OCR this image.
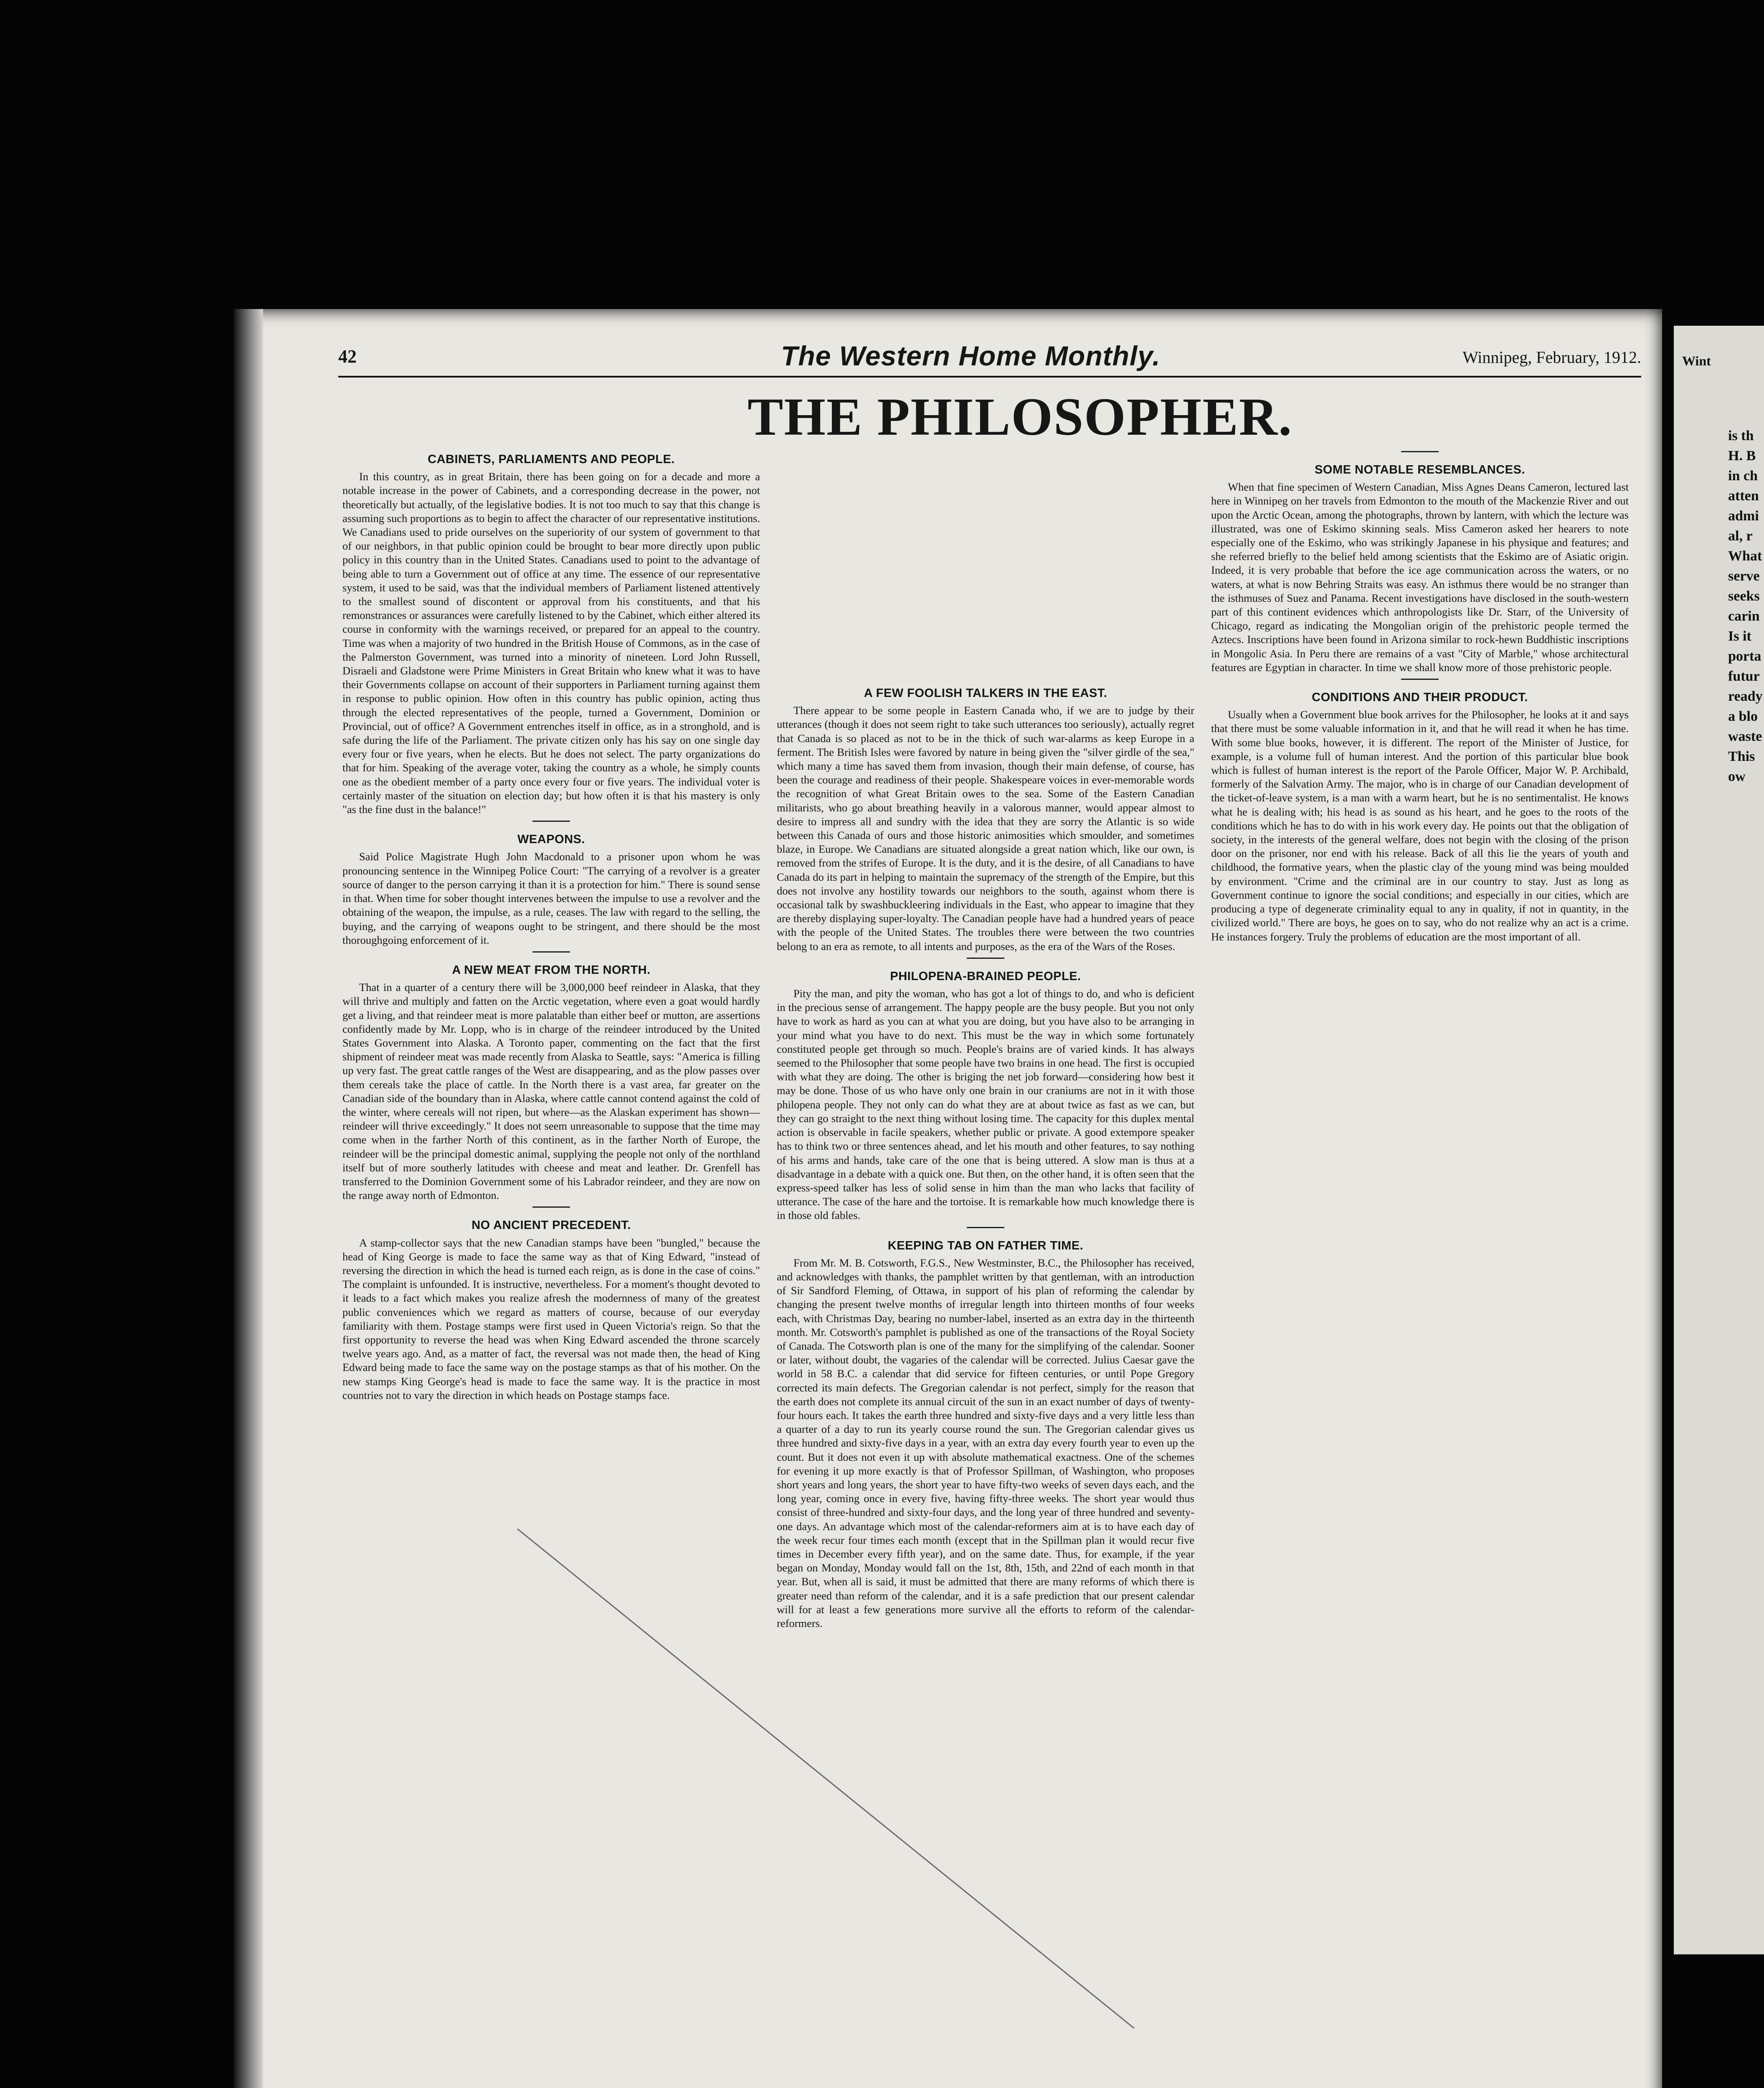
Wint
is th
H. B
in ch
atten
admi
al, r
What
serve
seeks
carin
Is it
porta
futur
ready
a blo
waste
This
ow
42	The Western Home Monthly.	Winnipeg, February, 1912.
THE PHILOSOPHER.
CABINETS, PARLIAMENTS AND PEOPLE.

In this country, as in great Britain, there has been going on for a decade and more a notable increase in the power of Cabinets, and a corresponding decrease in the power, not theoretically but actually, of the legislative bodies. It is not too much to say that this change is assuming such proportions as to begin to affect the character of our representative institutions. We Canadians used to pride ourselves on the superiority of our system of government to that of our neighbors, in that public opinion could be brought to bear more directly upon public policy in this country than in the United States. Canadians used to point to the advantage of being able to turn a Government out of office at any time. The essence of our representative system, it used to be said, was that the individual members of Parliament listened attentively to the smallest sound of discontent or approval from his constituents, and that his remonstrances or assurances were carefully listened to by the Cabinet, which either altered its course in conformity with the warnings received, or prepared for an appeal to the country. Time was when a majority of two hundred in the British House of Commons, as in the case of the Palmerston Government, was turned into a minority of nineteen. Lord John Russell, Disraeli and Gladstone were Prime Ministers in Great Britain who knew what it was to have their Governments collapse on account of their supporters in Parliament turning against them in response to public opinion. How often in this country has public opinion, acting thus through the elected representatives of the people, turned a Government, Dominion or Provincial, out of office? A Government entrenches itself in office, as in a stronghold, and is safe during the life of the Parliament. The private citizen only has his say on one single day every four or five years, when he elects. But he does not select. The party organizations do that for him. Speaking of the average voter, taking the country as a whole, he simply counts one as the obedient member of a party once every four or five years. The individual voter is certainly master of the situation on election day; but how often it is that his mastery is only "as the fine dust in the balance!"

WEAPONS.

Said Police Magistrate Hugh John Macdonald to a prisoner upon whom he was pronouncing sentence in the Winnipeg Police Court: "The carrying of a revolver is a greater source of danger to the person carrying it than it is a protection for him." There is sound sense in that. When time for sober thought intervenes between the impulse to use a revolver and the obtaining of the weapon, the impulse, as a rule, ceases. The law with regard to the selling, the buying, and the carrying of weapons ought to be stringent, and there should be the most thoroughgoing enforcement of it.

A NEW MEAT FROM THE NORTH.

That in a quarter of a century there will be 3,000,000 beef reindeer in Alaska, that they will thrive and multiply and fatten on the Arctic vegetation, where even a goat would hardly get a living, and that reindeer meat is more palatable than either beef or mutton, are assertions confidently made by Mr. Lopp, who is in charge of the reindeer introduced by the United States Government into Alaska. A Toronto paper, commenting on the fact that the first shipment of reindeer meat was made recently from Alaska to Seattle, says: "America is filling up very fast. The great cattle ranges of the West are disappearing, and as the plow passes over them cereals take the place of cattle. In the North there is a vast area, far greater on the Canadian side of the boundary than in Alaska, where cattle cannot contend against the cold of the winter, where cereals will not ripen, but where—as the Alaskan experiment has shown—reindeer will thrive exceedingly." It does not seem unreasonable to suppose that the time may come when in the farther North of this continent, as in the farther North of Europe, the reindeer will be the principal domestic animal, supplying the people not only of the northland itself but of more southerly latitudes with cheese and meat and leather. Dr. Grenfell has transferred to the Dominion Government some of his Labrador reindeer, and they are now on the range away north of Edmonton.

NO ANCIENT PRECEDENT.

A stamp-collector says that the new Canadian stamps have been "bungled," because the head of King George is made to face the same way as that of King Edward, "instead of reversing the direction in which the head is turned each reign, as is done in the case of coins." The complaint is unfounded. It is instructive, nevertheless. For a moment's thought devoted to it leads to a fact which makes you realize afresh the modernness of many of the greatest public conveniences which we regard as matters of course, because of our everyday familiarity with them. Postage stamps were first used in Queen Victoria's reign. So that the first opportunity to reverse the head was when King Edward ascended the throne scarcely twelve years ago. And, as a matter of fact, the reversal was not made then, the head of King Edward being made to face the same way on the postage stamps as that of his mother. On the new stamps King George's head is made to face the same way. It is the practice in most countries not to vary the direction in which heads on Postage stamps face.

A FEW FOOLISH TALKERS IN THE EAST.

There appear to be some people in Eastern Canada who, if we are to judge by their utterances (though it does not seem right to take such utterances too seriously), actually regret that Canada is so placed as not to be in the thick of such war-alarms as keep Europe in a ferment. The British Isles were favored by nature in being given the "silver girdle of the sea," which many a time has saved them from invasion, though their main defense, of course, has been the courage and readiness of their people. Shakespeare voices in ever-memorable words the recognition of what Great Britain owes to the sea. Some of the Eastern Canadian militarists, who go about breathing heavily in a valorous manner, would appear almost to desire to impress all and sundry with the idea that they are sorry the Atlantic is so wide between this Canada of ours and those historic animosities which smoulder, and sometimes blaze, in Europe. We Canadians are situated alongside a great nation which, like our own, is removed from the strifes of Europe. It is the duty, and it is the desire, of all Canadians to have Canada do its part in helping to maintain the supremacy of the strength of the Empire, but this does not involve any hostility towards our neighbors to the south, against whom there is occasional talk by swashbuckleering individuals in the East, who appear to imagine that they are thereby displaying super-loyalty. The Canadian people have had a hundred years of peace with the people of the United States. The troubles there were between the two countries belong to an era as remote, to all intents and purposes, as the era of the Wars of the Roses.

PHILOPENA-BRAINED PEOPLE.

Pity the man, and pity the woman, who has got a lot of things to do, and who is deficient in the precious sense of arrangement. The happy people are the busy people. But you not only have to work as hard as you can at what you are doing, but you have also to be arranging in your mind what you have to do next. This must be the way in which some fortunately constituted people get through so much. People's brains are of varied kinds. It has always seemed to the Philosopher that some people have two brains in one head. The first is occupied with what they are doing. The other is briging the net job forward—considering how best it may be done. Those of us who have only one brain in our craniums are not in it with those philopena people. They not only can do what they are at about twice as fast as we can, but they can go straight to the next thing without losing time. The capacity for this duplex mental action is observable in facile speakers, whether public or private. A good extempore speaker has to think two or three sentences ahead, and let his mouth and other features, to say nothing of his arms and hands, take care of the one that is being uttered. A slow man is thus at a disadvantage in a debate with a quick one. But then, on the other hand, it is often seen that the express-speed talker has less of solid sense in him than the man who lacks that facility of utterance. The case of the hare and the tortoise. It is remarkable how much knowledge there is in those old fables.

KEEPING TAB ON FATHER TIME.

From Mr. M. B. Cotsworth, F.G.S., New Westminster, B.C., the Philosopher has received, and acknowledges with thanks, the pamphlet written by that gentleman, with an introduction of Sir Sandford Fleming, of Ottawa, in support of his plan of reforming the calendar by changing the present twelve months of irregular length into thirteen months of four weeks each, with Christmas Day, bearing no number-label, inserted as an extra day in the thirteenth month. Mr. Cotsworth's pamphlet is published as one of the transactions of the Royal Society of Canada. The Cotsworth plan is one of the many for the simplifying of the calendar. Sooner or later, without doubt, the vagaries of the calendar will be corrected. Julius Caesar gave the world in 58 B.C. a calendar that did service for fifteen centuries, or until Pope Gregory corrected its main defects. The Gregorian calendar is not perfect, simply for the reason that the earth does not complete its annual circuit of the sun in an exact number of days of twenty-four hours each. It takes the earth three hundred and sixty-five days and a very little less than a quarter of a day to run its yearly course round the sun. The Gregorian calendar gives us three hundred and sixty-five days in a year, with an extra day every fourth year to even up the count. But it does not even it up with absolute mathematical exactness. One of the schemes for evening it up more exactly is that of Professor Spillman, of Washington, who proposes short years and long years, the short year to have fifty-two weeks of seven days each, and the long year, coming once in every five, having fifty-three weeks. The short year would thus consist of three-hundred and sixty-four days, and the long year of three hundred and seventy-one days. An advantage which most of the calendar-reformers aim at is to have each day of the week recur four times each month (except that in the Spillman plan it would recur five times in December every fifth year), and on the same date. Thus, for example, if the year began on Monday, Monday would fall on the 1st, 8th, 15th, and 22nd of each month in that year. But, when all is said, it must be admitted that there are many reforms of which there is greater need than reform of the calendar, and it is a safe prediction that our present calendar will for at least a few generations more survive all the efforts to reform of the calendar-reformers.

SOME NOTABLE RESEMBLANCES.

When that fine specimen of Western Canadian, Miss Agnes Deans Cameron, lectured last here in Winnipeg on her travels from Edmonton to the mouth of the Mackenzie River and out upon the Arctic Ocean, among the photographs, thrown by lantern, with which the lecture was illustrated, was one of Eskimo skinning seals. Miss Cameron asked her hearers to note especially one of the Eskimo, who was strikingly Japanese in his physique and features; and she referred briefly to the belief held among scientists that the Eskimo are of Asiatic origin. Indeed, it is very probable that before the ice age communication across the waters, or no waters, at what is now Behring Straits was easy. An isthmus there would be no stranger than the isthmuses of Suez and Panama. Recent investigations have disclosed in the south-western part of this continent evidences which anthropologists like Dr. Starr, of the University of Chicago, regard as indicating the Mongolian origin of the prehistoric people termed the Aztecs. Inscriptions have been found in Arizona similar to rock-hewn Buddhistic inscriptions in Mongolic Asia. In Peru there are remains of a vast "City of Marble," whose architectural features are Egyptian in character. In time we shall know more of those prehistoric people.

CONDITIONS AND THEIR PRODUCT.

Usually when a Government blue book arrives for the Philosopher, he looks at it and says that there must be some valuable information in it, and that he will read it when he has time. With some blue books, however, it is different. The report of the Minister of Justice, for example, is a volume full of human interest. And the portion of this particular blue book which is fullest of human interest is the report of the Parole Officer, Major W. P. Archibald, formerly of the Salvation Army. The major, who is in charge of our Canadian development of the ticket-of-leave system, is a man with a warm heart, but he is no sentimentalist. He knows what he is dealing with; his head is as sound as his heart, and he goes to the roots of the conditions which he has to do with in his work every day. He points out that the obligation of society, in the interests of the general welfare, does not begin with the closing of the prison door on the prisoner, nor end with his release. Back of all this lie the years of youth and childhood, the formative years, when the plastic clay of the young mind was being moulded by environment. "Crime and the criminal are in our country to stay. Just as long as Government continue to ignore the social conditions; and especially in our cities, which are producing a type of degenerate criminality equal to any in quality, if not in quantity, in the civilized world." There are boys, he goes on to say, who do not realize why an act is a crime. He instances forgery. Truly the problems of education are the most important of all.
